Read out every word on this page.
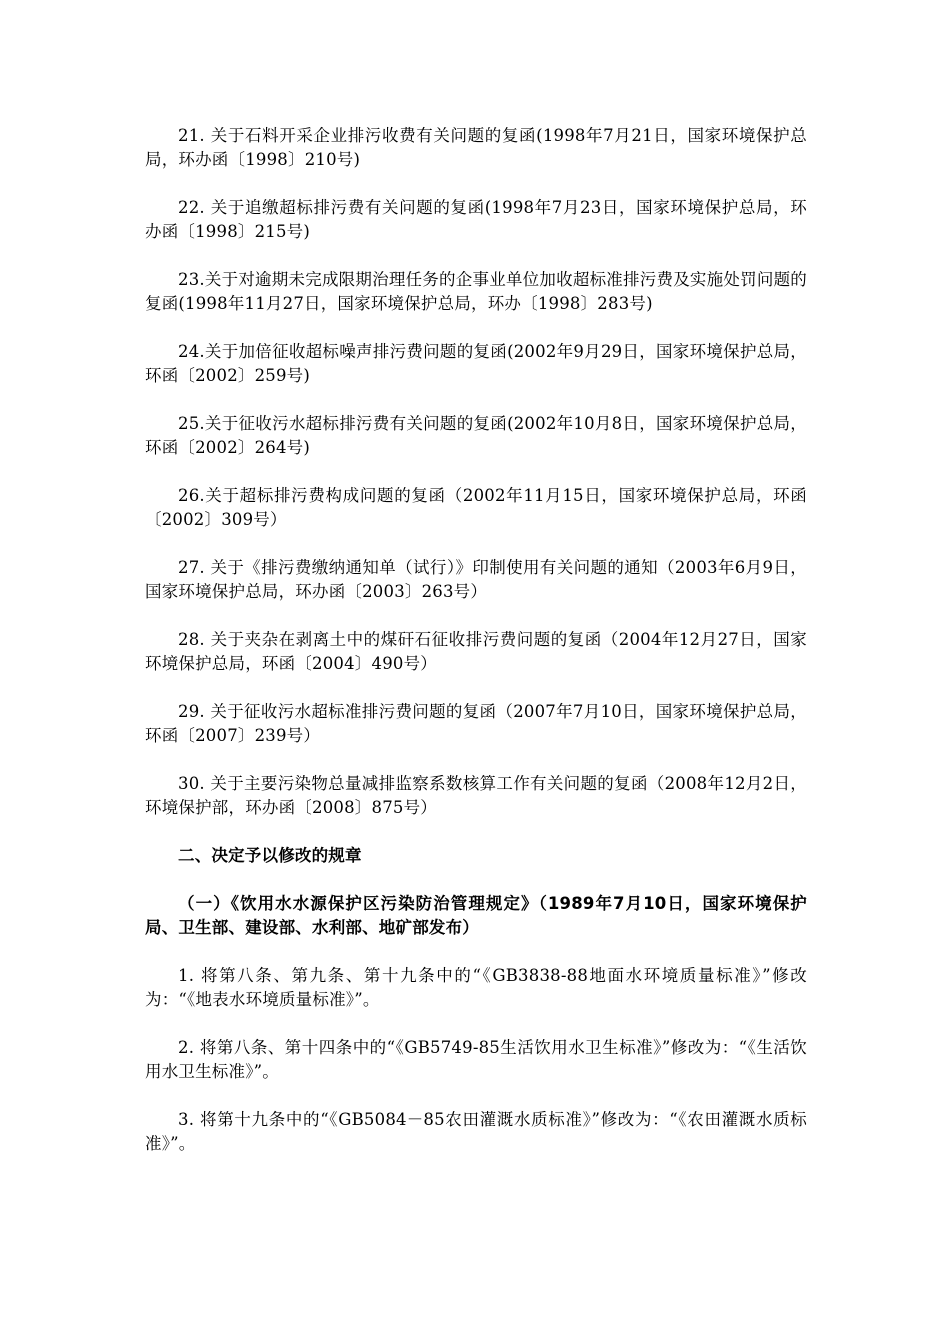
21. 关于石料开采企业排污收费有关问题的复函(1998年7月21日，国家环境保护总局，环办函〔1998〕210号)

22. 关于追缴超标排污费有关问题的复函(1998年7月23日，国家环境保护总局，环办函〔1998〕215号)

23.关于对逾期未完成限期治理任务的企事业单位加收超标准排污费及实施处罚问题的复函(1998年11月27日，国家环境保护总局，环办〔1998〕283号)

24.关于加倍征收超标噪声排污费问题的复函(2002年9月29日，国家环境保护总局，环函〔2002〕259号)

25.关于征收污水超标排污费有关问题的复函(2002年10月8日，国家环境保护总局，环函〔2002〕264号)

26.关于超标排污费构成问题的复函（2002年11月15日，国家环境保护总局，环函〔2002〕309号）

27. 关于《排污费缴纳通知单（试行）》印制使用有关问题的通知（2003年6月9日，国家环境保护总局，环办函〔2003〕263号）

28. 关于夹杂在剥离土中的煤矸石征收排污费问题的复函（2004年12月27日，国家环境保护总局，环函〔2004〕490号）

29. 关于征收污水超标准排污费问题的复函（2007年7月10日，国家环境保护总局，环函〔2007〕239号）

30. 关于主要污染物总量减排监察系数核算工作有关问题的复函（2008年12月2日，环境保护部，环办函〔2008〕875号）

二、决定予以修改的规章

（一）《饮用水水源保护区污染防治管理规定》（1989年7月10日，国家环境保护局、卫生部、建设部、水利部、地矿部发布）

1. 将第八条、第九条、第十九条中的“《GB3838-88地面水环境质量标准》”修改为：“《地表水环境质量标准》”。

2. 将第八条、第十四条中的“《GB5749-85生活饮用水卫生标准》”修改为：“《生活饮用水卫生标准》”。

3. 将第十九条中的“《GB5084－85农田灌溉水质标准》”修改为：“《农田灌溉水质标准》”。
